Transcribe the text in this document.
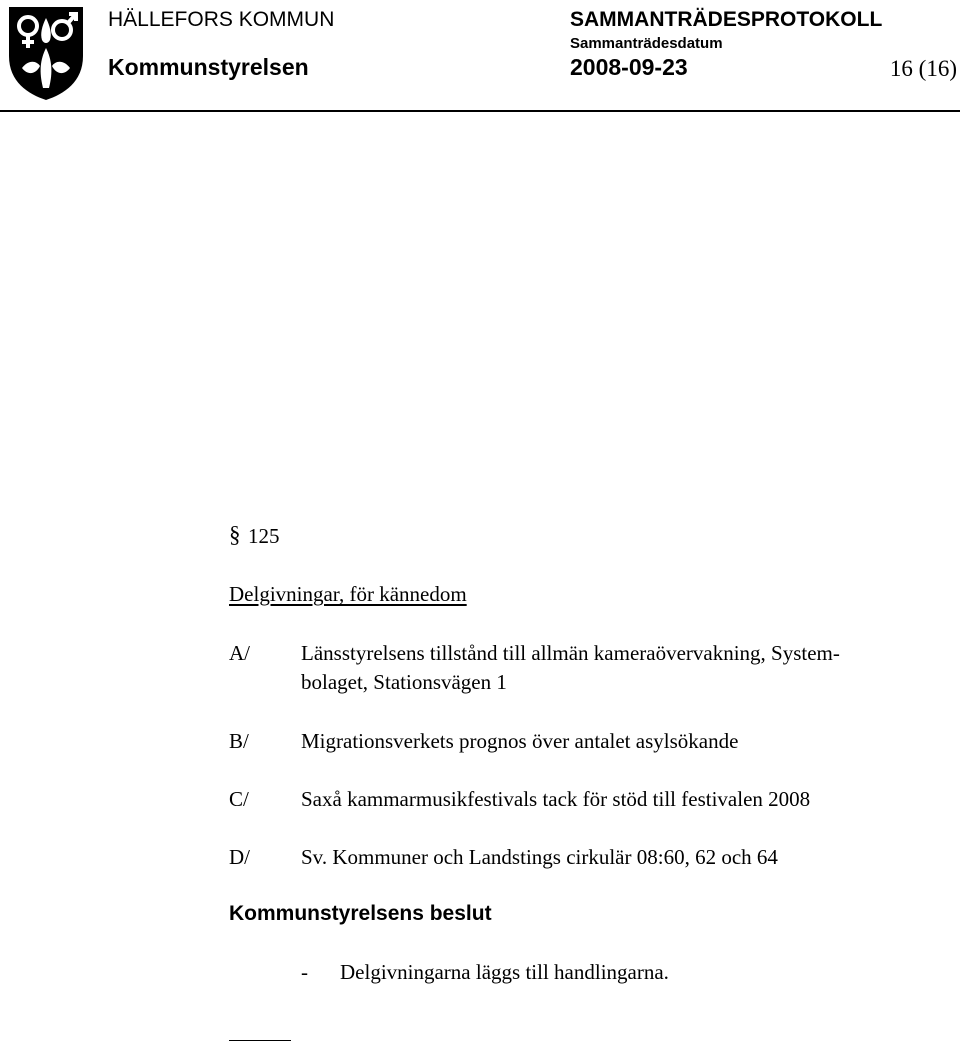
HÄLLEFORS KOMMUN
Kommunstyrelsen
SAMMANTRÄDESPROTOKOLL
Sammanträdesdatum
2008-09-23	16 (16)
§ 125
Delgivningar, för kännedom
A/ Länsstyrelsens tillstånd till allmän kameraövervakning, System-
bolaget, Stationsvägen 1
B/ Migrationsverkets prognos över antalet asylsökande
C/ Saxå kammarmusikfestivals tack för stöd till festivalen 2008
D/ Sv. Kommuner och Landstings cirkulär 08:60, 62 och 64
Kommunstyrelsens beslut
- Delgivningarna läggs till handlingarna.
